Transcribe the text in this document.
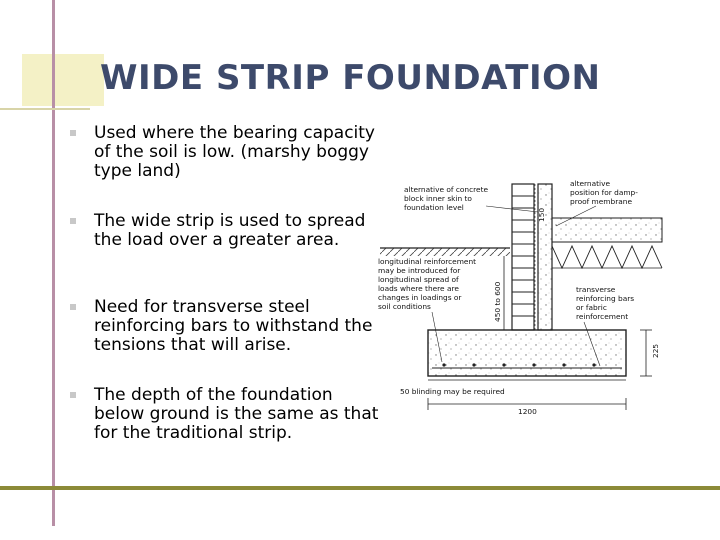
WIDE STRIP FOUNDATION
Used where the bearing capacity of the soil is low. (marshy boggy type land)
The wide strip is used to spread the load over a greater area.
Need for transverse steel reinforcing bars to withstand the tensions that will arise.
The depth of the foundation below ground is the same as that for the traditional strip.
1200
225
450 to 600
150
alternative of concrete
block inner skin to
foundation level
alternative
position for damp-
proof membrane
longitudinal reinforcement
may be introduced for
longitudinal spread of
loads where there are
changes in loadings or
soil conditions
transverse
reinforcing bars
or fabric
reinforcement
50 blinding may be required
